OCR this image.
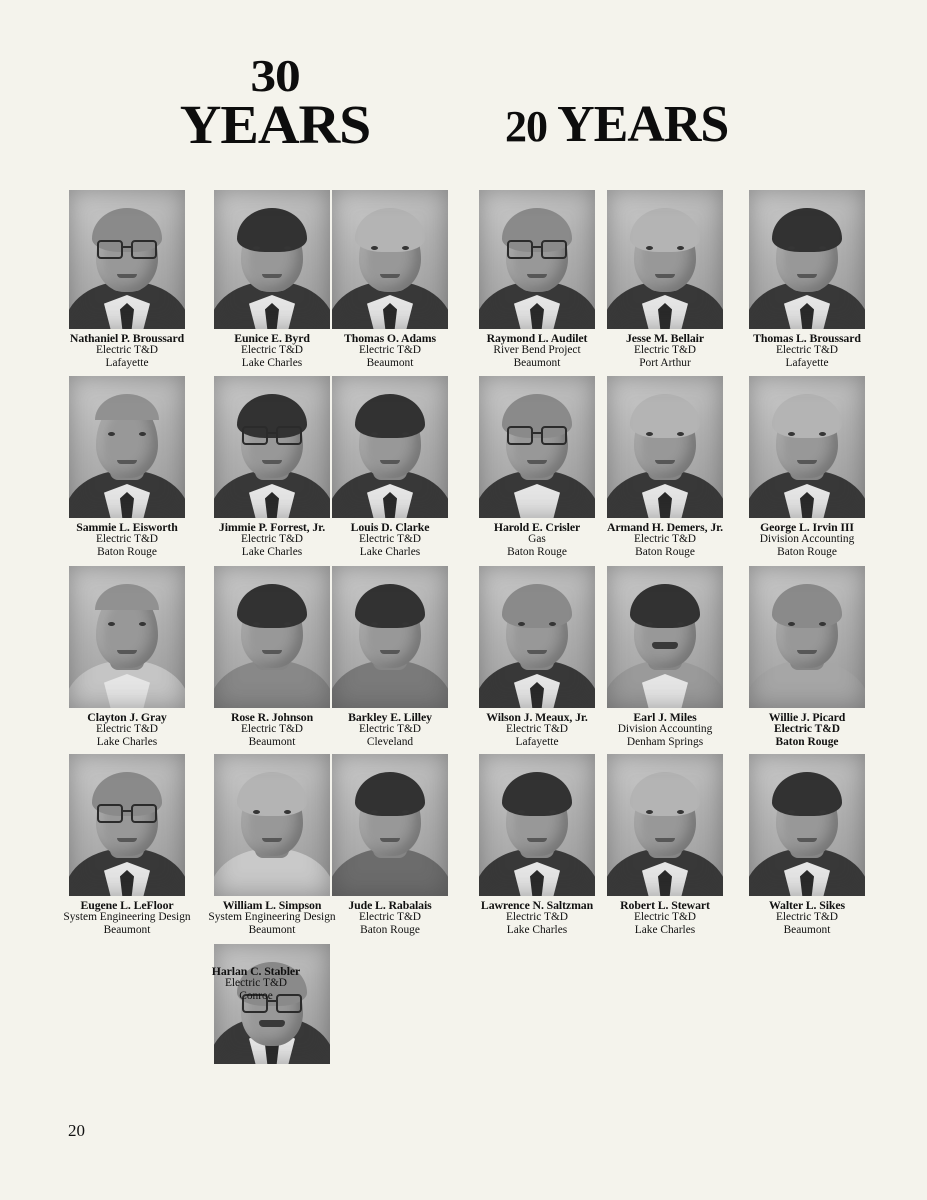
30
YEARS	20 YEARS
Nathaniel P. Broussard
Electric T&D
Lafayette
Eunice E. Byrd
Electric T&D
Lake Charles
Thomas O. Adams
Electric T&D
Beaumont
Raymond L. Audilet
River Bend Project
Beaumont
Jesse M. Bellair
Electric T&D
Port Arthur
Thomas L. Broussard
Electric T&D
Lafayette
Sammie L. Eisworth
Electric T&D
Baton Rouge
Jimmie P. Forrest, Jr.
Electric T&D
Lake Charles
Louis D. Clarke
Electric T&D
Lake Charles
Harold E. Crisler
Gas
Baton Rouge
Armand H. Demers, Jr.
Electric T&D
Baton Rouge
George L. Irvin III
Division Accounting
Baton Rouge
Clayton J. Gray
Electric T&D
Lake Charles
Rose R. Johnson
Electric T&D
Beaumont
Barkley E. Lilley
Electric T&D
Cleveland
Wilson J. Meaux, Jr.
Electric T&D
Lafayette
Earl J. Miles
Division Accounting
Denham Springs
Willie J. Picard
Electric T&D
Baton Rouge
Eugene L. LeFloor
System Engineering Design
Beaumont
William L. Simpson
System Engineering Design
Beaumont
Jude L. Rabalais
Electric T&D
Baton Rouge
Lawrence N. Saltzman
Electric T&D
Lake Charles
Robert L. Stewart
Electric T&D
Lake Charles
Walter L. Sikes
Electric T&D
Beaumont
Harlan C. Stabler
Electric T&D
Conroe
20
